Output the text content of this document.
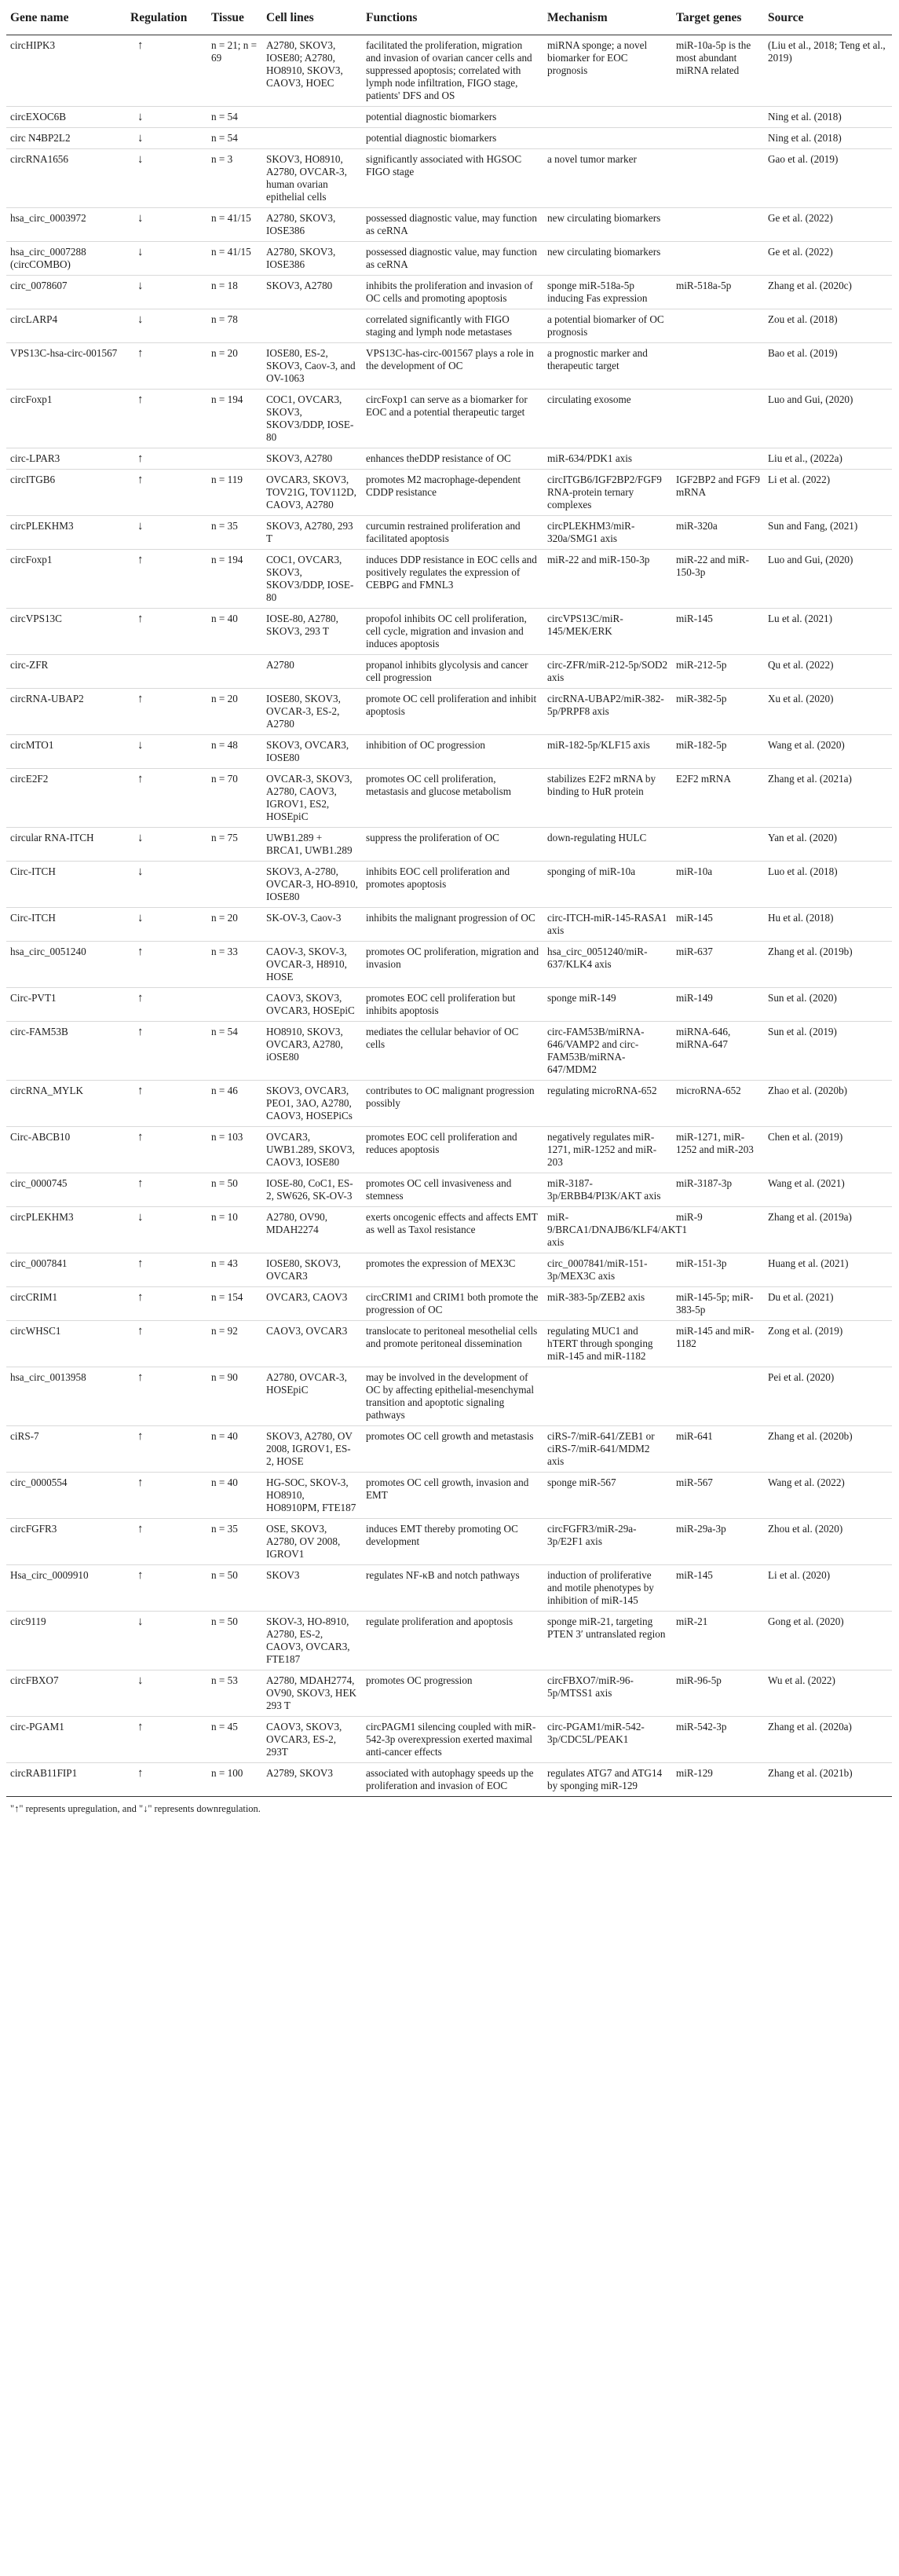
Gene name	Regulation	Tissue	Cell lines	Functions	Mechanism	Target genes	Source
circHIPK3	↑	n = 21; n = 69	A2780, SKOV3, IOSE80; A2780, HO8910, SKOV3, CAOV3, HOEC	facilitated the proliferation, migration and invasion of ovarian cancer cells and suppressed apoptosis; correlated with lymph node infiltration, FIGO stage, patients' DFS and OS	miRNA sponge; a novel biomarker for EOC prognosis	miR-10a-5p is the most abundant miRNA related	(Liu et al., 2018; Teng et al., 2019)
circEXOC6B	↓	n = 54		potential diagnostic biomarkers			Ning et al. (2018)
circ N4BP2L2	↓	n = 54		potential diagnostic biomarkers			Ning et al. (2018)
circRNA1656	↓	n = 3	SKOV3, HO8910, A2780, OVCAR-3, human ovarian epithelial cells	significantly associated with HGSOC FIGO stage	a novel tumor marker		Gao et al. (2019)
hsa_circ_0003972	↓	n = 41/15	A2780, SKOV3, IOSE386	possessed diagnostic value, may function as ceRNA	new circulating biomarkers		Ge et al. (2022)
hsa_circ_0007288 (circCOMBO)	↓	n = 41/15	A2780, SKOV3, IOSE386	possessed diagnostic value, may function as ceRNA	new circulating biomarkers		Ge et al. (2022)
circ_0078607	↓	n = 18	SKOV3, A2780	inhibits the proliferation and invasion of OC cells and promoting apoptosis	sponge miR-518a-5p inducing Fas expression	miR-518a-5p	Zhang et al. (2020c)
circLARP4	↓	n = 78		correlated significantly with FIGO staging and lymph node metastases	a potential biomarker of OC prognosis		Zou et al. (2018)
VPS13C-hsa-circ-001567	↑	n = 20	IOSE80, ES-2, SKOV3, Caov-3, and OV-1063	VPS13C-has-circ-001567 plays a role in the development of OC	a prognostic marker and therapeutic target		Bao et al. (2019)
circFoxp1	↑	n = 194	COC1, OVCAR3, SKOV3, SKOV3/DDP, IOSE-80	circFoxp1 can serve as a biomarker for EOC and a potential therapeutic target	circulating exosome		Luo and Gui, (2020)
circ-LPAR3	↑		SKOV3, A2780	enhances theDDP resistance of OC	miR-634/PDK1 axis		Liu et al., (2022a)
circITGB6	↑	n = 119	OVCAR3, SKOV3, TOV21G, TOV112D, CAOV3, A2780	promotes M2 macrophage-dependent CDDP resistance	circITGB6/IGF2BP2/FGF9 RNA-protein ternary complexes	IGF2BP2 and FGF9 mRNA	Li et al. (2022)
circPLEKHM3	↓	n = 35	SKOV3, A2780, 293 T	curcumin restrained proliferation and facilitated apoptosis	circPLEKHM3/miR-320a/SMG1 axis	miR-320a	Sun and Fang, (2021)
circFoxp1	↑	n = 194	COC1, OVCAR3, SKOV3, SKOV3/DDP, IOSE-80	induces DDP resistance in EOC cells and positively regulates the expression of CEBPG and FMNL3	miR-22 and miR-150-3p	miR-22 and miR-150-3p	Luo and Gui, (2020)
circVPS13C	↑	n = 40	IOSE-80, A2780, SKOV3, 293 T	propofol inhibits OC cell proliferation, cell cycle, migration and invasion and induces apoptosis	circVPS13C/miR-145/MEK/ERK	miR-145	Lu et al. (2021)
circ-ZFR			A2780	propanol inhibits glycolysis and cancer cell progression	circ-ZFR/miR-212-5p/SOD2 axis	miR-212-5p	Qu et al. (2022)
circRNA-UBAP2	↑	n = 20	IOSE80, SKOV3, OVCAR-3, ES-2, A2780	promote OC cell proliferation and inhibit apoptosis	circRNA-UBAP2/miR-382-5p/PRPF8 axis	miR-382-5p	Xu et al. (2020)
circMTO1	↓	n = 48	SKOV3, OVCAR3, IOSE80	inhibition of OC progression	miR-182-5p/KLF15 axis	miR-182-5p	Wang et al. (2020)
circE2F2	↑	n = 70	OVCAR-3, SKOV3, A2780, CAOV3, IGROV1, ES2, HOSEpiC	promotes OC cell proliferation, metastasis and glucose metabolism	stabilizes E2F2 mRNA by binding to HuR protein	E2F2 mRNA	Zhang et al. (2021a)
circular RNA-ITCH	↓	n = 75	UWB1.289 + BRCA1, UWB1.289	suppress the proliferation of OC	down-regulating HULC		Yan et al. (2020)
Circ-ITCH	↓		SKOV3, A-2780, OVCAR-3, HO-8910, IOSE80	inhibits EOC cell proliferation and promotes apoptosis	sponging of miR-10a	miR-10a	Luo et al. (2018)
Circ-ITCH	↓	n = 20	SK-OV-3, Caov-3	inhibits the malignant progression of OC	circ-ITCH-miR-145-RASA1 axis	miR-145	Hu et al. (2018)
hsa_circ_0051240	↑	n = 33	CAOV-3, SKOV-3, OVCAR-3, H8910, HOSE	promotes OC proliferation, migration and invasion	hsa_circ_0051240/miR-637/KLK4 axis	miR-637	Zhang et al. (2019b)
Circ-PVT1	↑		CAOV3, SKOV3, OVCAR3, HOSEpiC	promotes EOC cell proliferation but inhibits apoptosis	sponge miR-149	miR-149	Sun et al. (2020)
circ-FAM53B	↑	n = 54	HO8910, SKOV3, OVCAR3, A2780, iOSE80	mediates the cellular behavior of OC cells	circ-FAM53B/miRNA-646/VAMP2 and circ-FAM53B/miRNA-647/MDM2	miRNA-646, miRNA-647	Sun et al. (2019)
circRNA_MYLK	↑	n = 46	SKOV3, OVCAR3, PEO1, 3AO, A2780, CAOV3, HOSEPiCs	contributes to OC malignant progression possibly	regulating microRNA-652	microRNA-652	Zhao et al. (2020b)
Circ-ABCB10	↑	n = 103	OVCAR3, UWB1.289, SKOV3, CAOV3, IOSE80	promotes EOC cell proliferation and reduces apoptosis	negatively regulates miR-1271, miR-1252 and miR-203	miR-1271, miR-1252 and miR-203	Chen et al. (2019)
circ_0000745	↑	n = 50	IOSE-80, CoC1, ES-2, SW626, SK-OV-3	promotes OC cell invasiveness and stemness	miR-3187-3p/ERBB4/PI3K/AKT axis	miR-3187-3p	Wang et al. (2021)
circPLEKHM3	↓	n = 10	A2780, OV90, MDAH2274	exerts oncogenic effects and affects EMT as well as Taxol resistance	miR-9/BRCA1/DNAJB6/KLF4/AKT1 axis	miR-9	Zhang et al. (2019a)
circ_0007841	↑	n = 43	IOSE80, SKOV3, OVCAR3	promotes the expression of MEX3C	circ_0007841/miR-151-3p/MEX3C axis	miR-151-3p	Huang et al. (2021)
circCRIM1	↑	n = 154	OVCAR3, CAOV3	circCRIM1 and CRIM1 both promote the progression of OC	miR-383-5p/ZEB2 axis	miR-145-5p; miR-383-5p	Du et al. (2021)
circWHSC1	↑	n = 92	CAOV3, OVCAR3	translocate to peritoneal mesothelial cells and promote peritoneal dissemination	regulating MUC1 and hTERT through sponging miR-145 and miR-1182	miR-145 and miR-1182	Zong et al. (2019)
hsa_circ_0013958	↑	n = 90	A2780, OVCAR-3, HOSEpiC	may be involved in the development of OC by affecting epithelial-mesenchymal transition and apoptotic signaling pathways			Pei et al. (2020)
ciRS-7	↑	n = 40	SKOV3, A2780, OV 2008, IGROV1, ES-2, HOSE	promotes OC cell growth and metastasis	ciRS-7/miR-641/ZEB1 or ciRS-7/miR-641/MDM2 axis	miR-641	Zhang et al. (2020b)
circ_0000554	↑	n = 40	HG-SOC, SKOV-3, HO8910, HO8910PM, FTE187	promotes OC cell growth, invasion and EMT	sponge miR-567	miR-567	Wang et al. (2022)
circFGFR3	↑	n = 35	OSE, SKOV3, A2780, OV 2008, IGROV1	induces EMT thereby promoting OC development	circFGFR3/miR-29a-3p/E2F1 axis	miR-29a-3p	Zhou et al. (2020)
Hsa_circ_0009910	↑	n = 50	SKOV3	regulates NF-κB and notch pathways	induction of proliferative and motile phenotypes by inhibition of miR-145	miR-145	Li et al. (2020)
circ9119	↓	n = 50	SKOV-3, HO-8910, A2780, ES-2, CAOV3, OVCAR3, FTE187	regulate proliferation and apoptosis	sponge miR-21, targeting PTEN 3′ untranslated region	miR-21	Gong et al. (2020)
circFBXO7	↓	n = 53	A2780, MDAH2774, OV90, SKOV3, HEK 293 T	promotes OC progression	circFBXO7/miR-96-5p/MTSS1 axis	miR-96-5p	Wu et al. (2022)
circ-PGAM1	↑	n = 45	CAOV3, SKOV3, OVCAR3, ES-2, 293T	circPAGM1 silencing coupled with miR-542-3p overexpression exerted maximal anti-cancer effects	circ-PGAM1/miR-542-3p/CDC5L/PEAK1	miR-542-3p	Zhang et al. (2020a)
circRAB11FIP1	↑	n = 100	A2789, SKOV3	associated with autophagy speeds up the proliferation and invasion of EOC	regulates ATG7 and ATG14 by sponging miR-129	miR-129	Zhang et al. (2021b)
"↑" represents upregulation, and "↓" represents downregulation.
